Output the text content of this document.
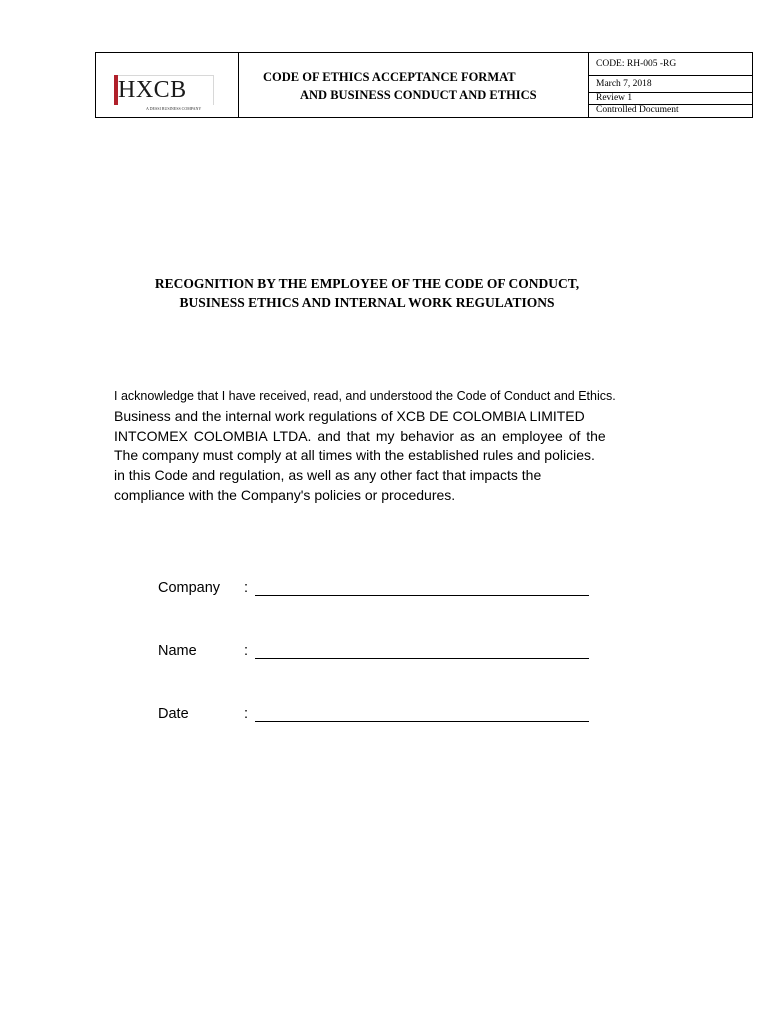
HXCB
A DESSI BUSINESS COMPANY
CODE OF ETHICS ACCEPTANCE FORMAT
AND BUSINESS CONDUCT AND ETHICS
CODE: RH-005 -RG
March 7, 2018
Review 1
Controlled Document
RECOGNITION BY THE EMPLOYEE OF THE CODE OF CONDUCT,
BUSINESS ETHICS AND INTERNAL WORK REGULATIONS
I acknowledge that I have received, read, and understood the Code of Conduct and Ethics.
Business and the internal work regulations of XCB DE COLOMBIA LIMITED
INTCOMEX COLOMBIA LTDA. and that my behavior as an employee of the
The company must comply at all times with the established rules and policies.
in this Code and regulation, as well as any other fact that impacts the
compliance with the Company's policies or procedures.
Company :
Name	:
Date	:
